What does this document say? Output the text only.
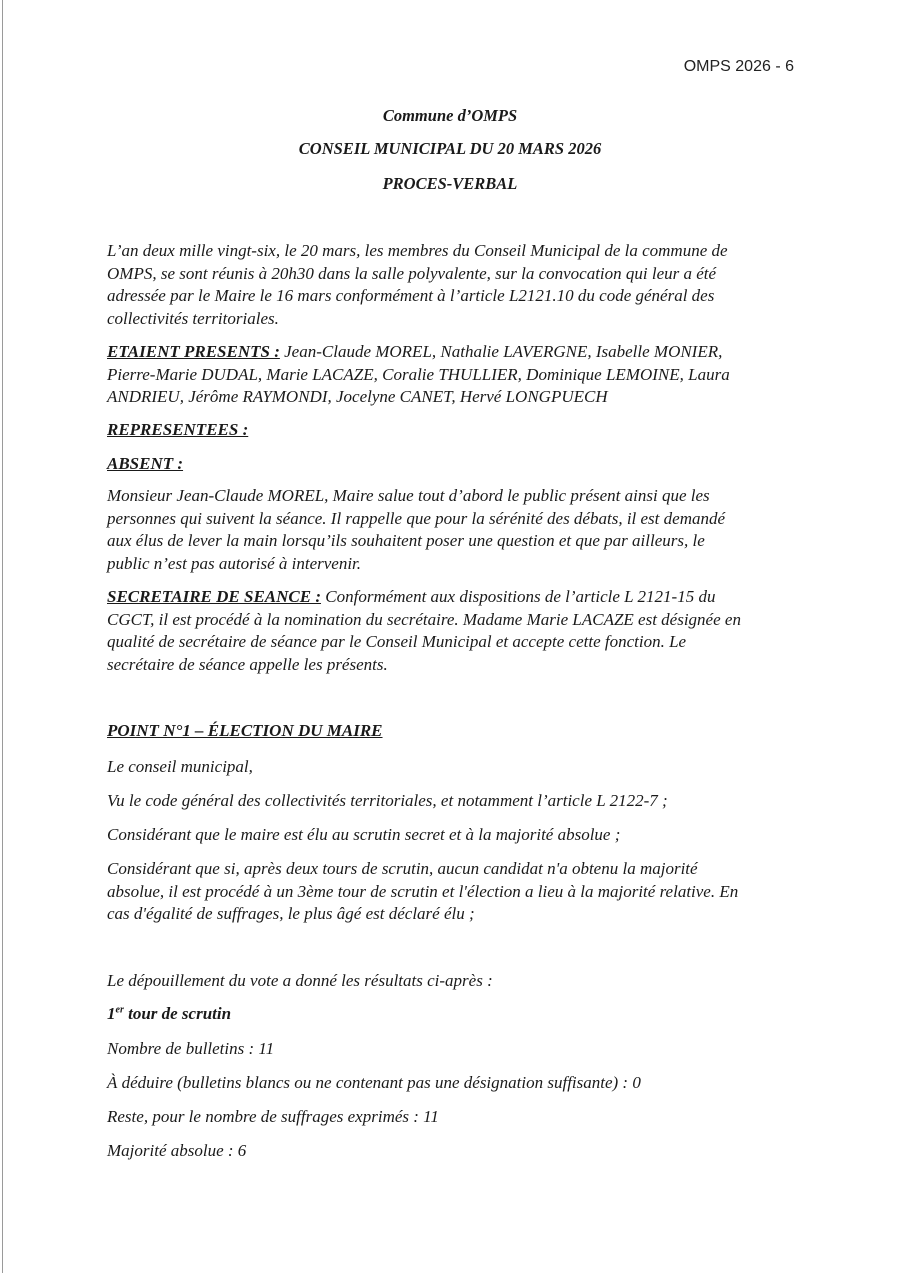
OMPS 2026 - 6
Commune d’OMPS
CONSEIL MUNICIPAL DU 20 MARS 2026
PROCES-VERBAL
L’an deux mille vingt-six, le 20 mars, les membres du Conseil Municipal de la commune de
OMPS, se sont réunis à 20h30 dans la salle polyvalente, sur la convocation qui leur a été
adressée par le Maire le 16 mars conformément à l’article L2121.10 du code général des
collectivités territoriales.
ETAIENT PRESENTS : Jean-Claude MOREL, Nathalie LAVERGNE, Isabelle MONIER,
Pierre-Marie DUDAL, Marie LACAZE, Coralie THULLIER, Dominique LEMOINE, Laura
ANDRIEU, Jérôme RAYMONDI, Jocelyne CANET, Hervé LONGPUECH
REPRESENTEES :
ABSENT :
Monsieur Jean-Claude MOREL, Maire salue tout d’abord le public présent ainsi que les
personnes qui suivent la séance. Il rappelle que pour la sérénité des débats, il est demandé
aux élus de lever la main lorsqu’ils souhaitent poser une question et que par ailleurs, le
public n’est pas autorisé à intervenir.
SECRETAIRE DE SEANCE : Conformément aux dispositions de l’article L 2121-15 du
CGCT, il est procédé à la nomination du secrétaire. Madame Marie LACAZE est désignée en
qualité de secrétaire de séance par le Conseil Municipal et accepte cette fonction. Le
secrétaire de séance appelle les présents.
POINT N°1 – ÉLECTION DU MAIRE
Le conseil municipal,
Vu le code général des collectivités territoriales, et notamment l’article L 2122-7 ;
Considérant que le maire est élu au scrutin secret et à la majorité absolue ;
Considérant que si, après deux tours de scrutin, aucun candidat n'a obtenu la majorité
absolue, il est procédé à un 3ème tour de scrutin et l'élection a lieu à la majorité relative. En
cas d'égalité de suffrages, le plus âgé est déclaré élu ;
Le dépouillement du vote a donné les résultats ci-après :
1er tour de scrutin
Nombre de bulletins : 11
À déduire (bulletins blancs ou ne contenant pas une désignation suffisante) : 0
Reste, pour le nombre de suffrages exprimés : 11
Majorité absolue : 6
